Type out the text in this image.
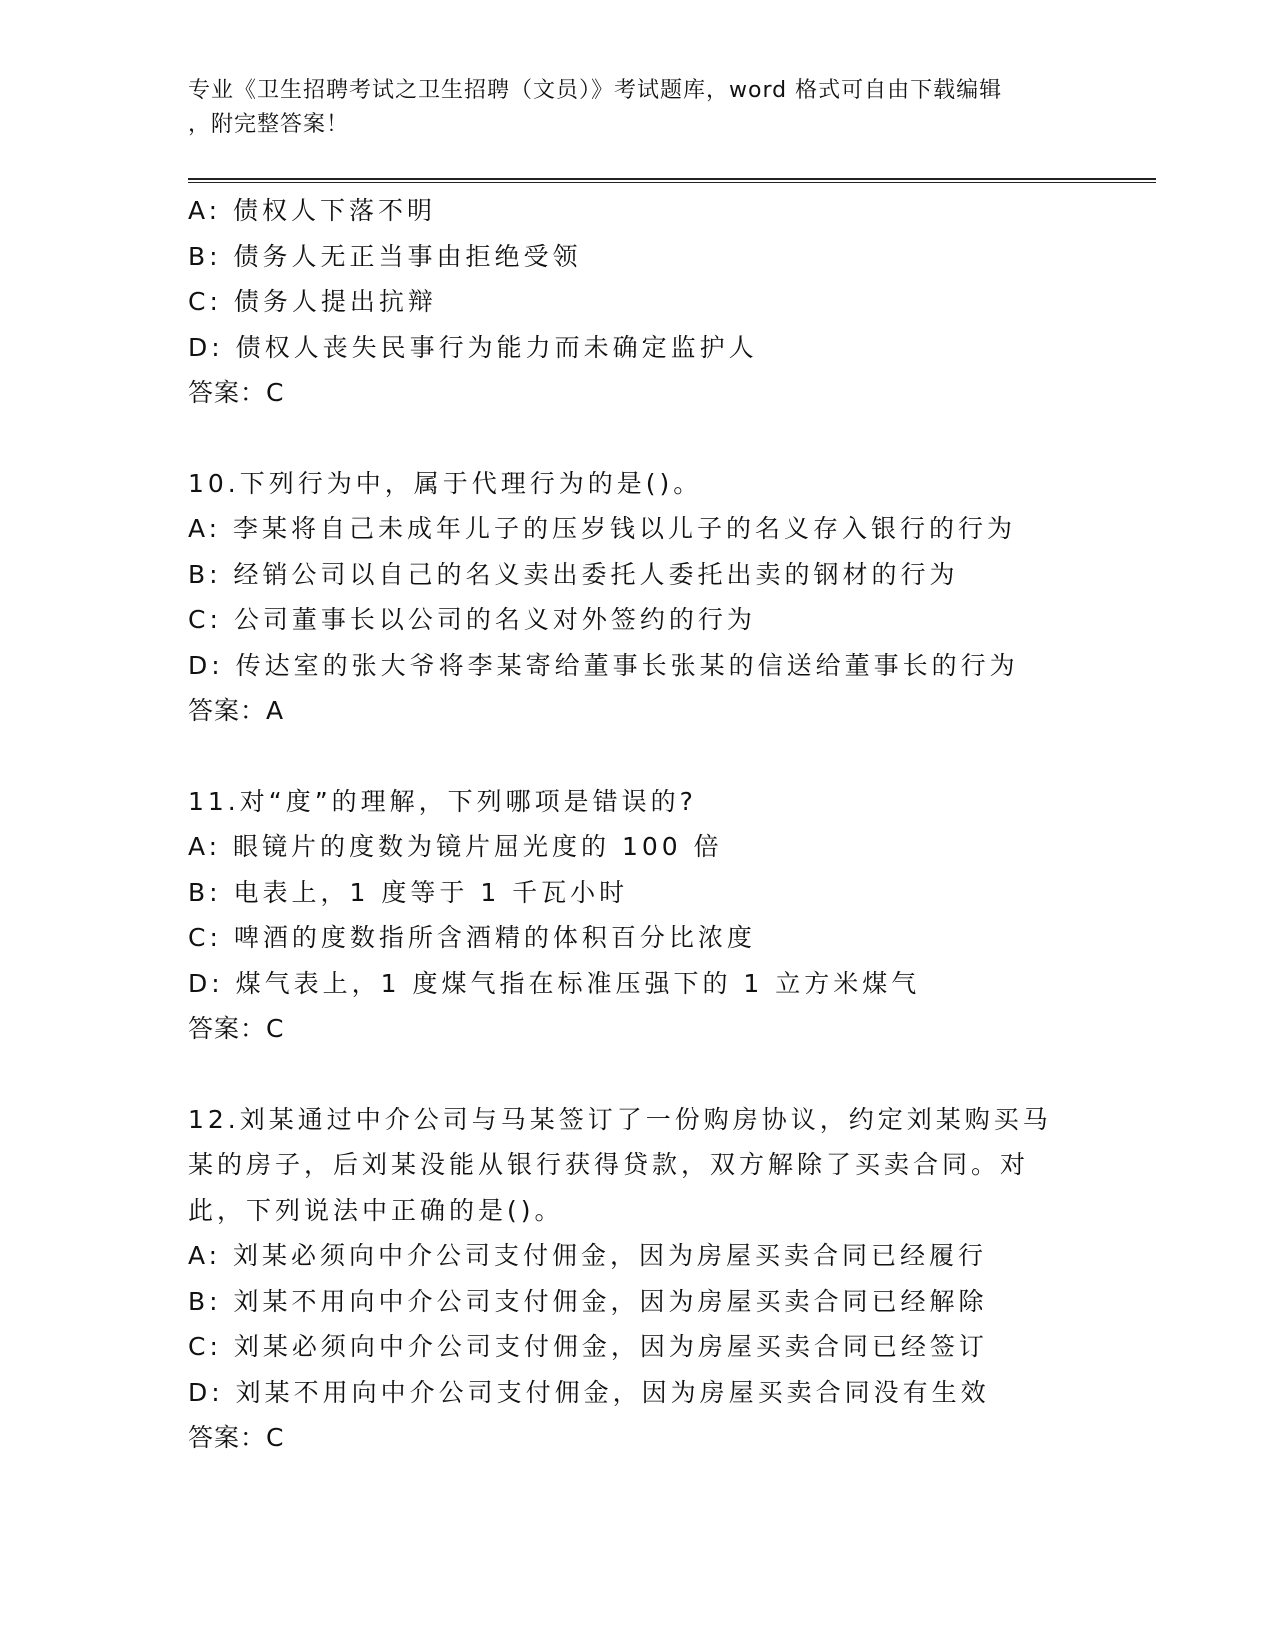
专业《卫生招聘考试之卫生招聘（文员）》考试题库，word 格式可自由下载编辑
，附完整答案！
A: 债权人下落不明
B: 债务人无正当事由拒绝受领
C: 债务人提出抗辩
D: 债权人丧失民事行为能力而未确定监护人
答案：C
10.下列行为中，属于代理行为的是()。
A: 李某将自己未成年儿子的压岁钱以儿子的名义存入银行的行为
B: 经销公司以自己的名义卖出委托人委托出卖的钢材的行为
C: 公司董事长以公司的名义对外签约的行为
D: 传达室的张大爷将李某寄给董事长张某的信送给董事长的行为
答案：A
11.对“度”的理解，下列哪项是错误的?
A: 眼镜片的度数为镜片屈光度的 100 倍
B: 电表上，1 度等于 1 千瓦小时
C: 啤酒的度数指所含酒精的体积百分比浓度
D: 煤气表上，1 度煤气指在标准压强下的 1 立方米煤气
答案：C
12.刘某通过中介公司与马某签订了一份购房协议，约定刘某购买马某的房子，后刘某没能从银行获得贷款，双方解除了买卖合同。对此，下列说法中正确的是()。
A: 刘某必须向中介公司支付佣金，因为房屋买卖合同已经履行
B: 刘某不用向中介公司支付佣金，因为房屋买卖合同已经解除
C: 刘某必须向中介公司支付佣金，因为房屋买卖合同已经签订
D: 刘某不用向中介公司支付佣金，因为房屋买卖合同没有生效
答案：C
